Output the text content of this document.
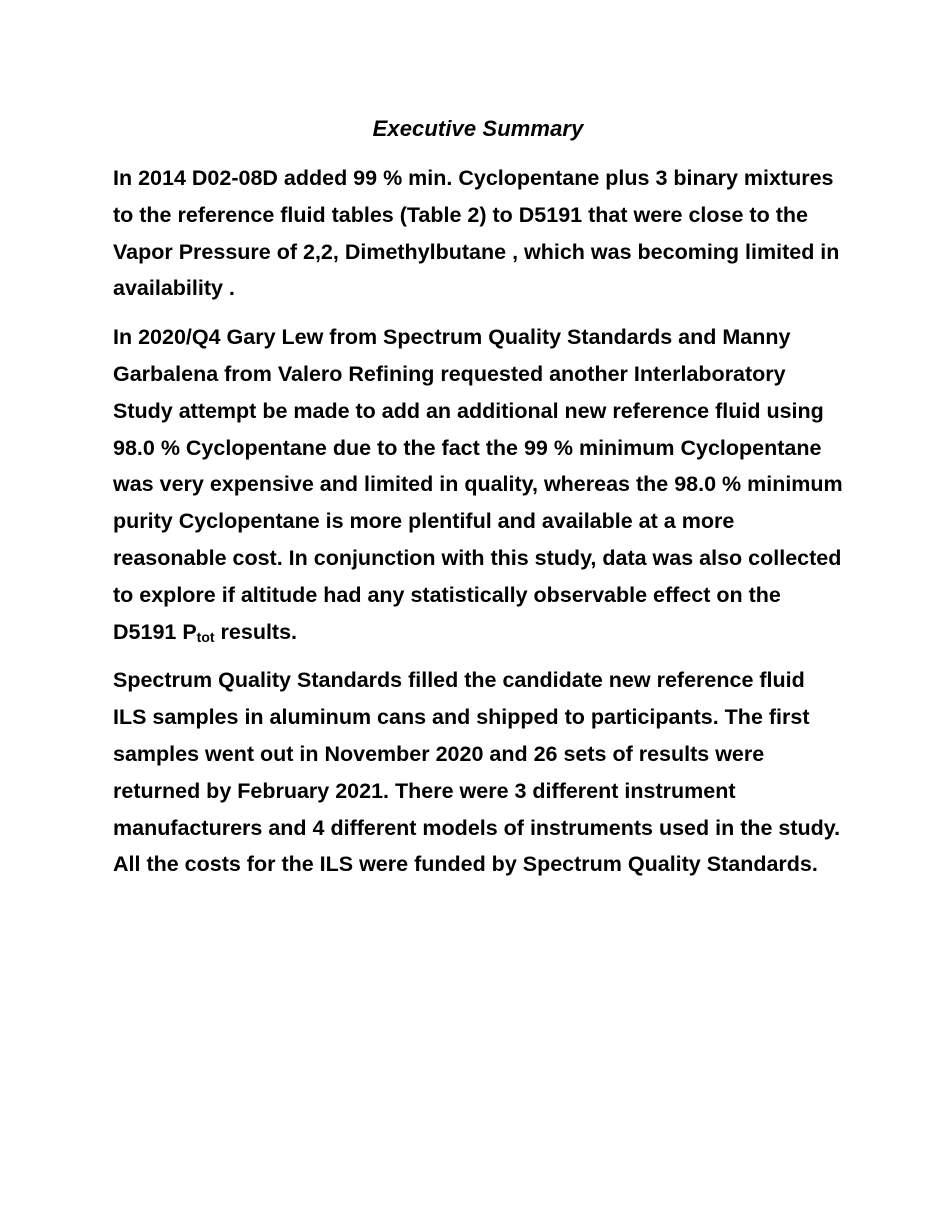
Executive Summary

In 2014 D02-08D added 99 % min. Cyclopentane plus 3 binary mixtures to the reference fluid tables (Table 2) to D5191 that were close to the Vapor Pressure of 2,2, Dimethylbutane , which was becoming limited in availability .

In 2020/Q4 Gary Lew from Spectrum Quality Standards and Manny Garbalena from Valero Refining requested another Interlaboratory Study attempt be made to add an additional new reference fluid using 98.0 % Cyclopentane due to the fact the 99 % minimum Cyclopentane was very expensive and limited in quality, whereas the 98.0 % minimum purity Cyclopentane is more plentiful and available at a more reasonable cost. In conjunction with this study, data was also collected to explore if altitude had any statistically observable effect on the D5191 $P_{tot}$ results.

Spectrum Quality Standards filled the candidate new reference fluid ILS samples in aluminum cans and shipped to participants. The first samples went out in November 2020 and 26 sets of results were returned by February 2021. There were 3 different instrument manufacturers and 4 different models of instruments used in the study. All the costs for the ILS were funded by Spectrum Quality Standards.
